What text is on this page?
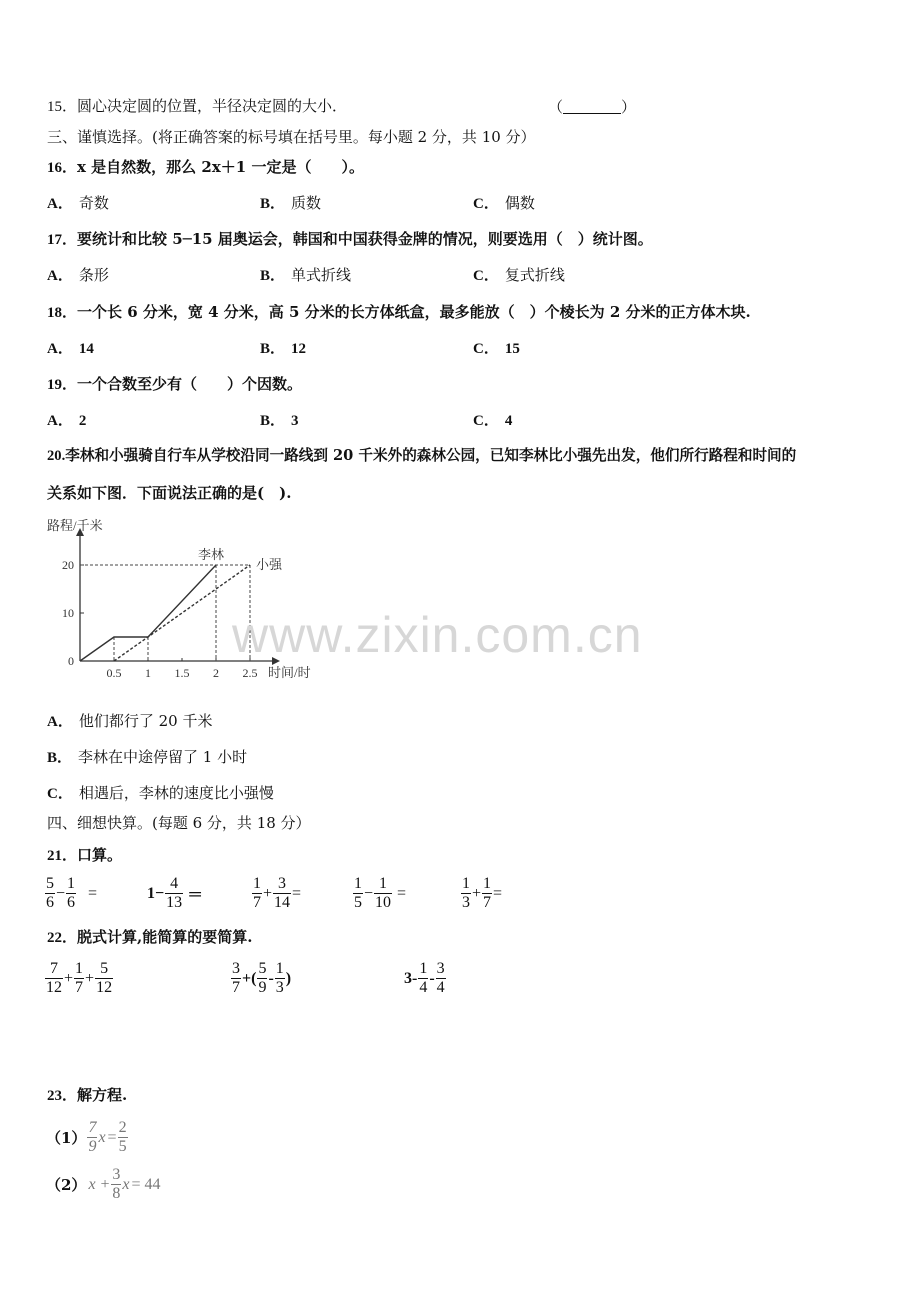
15．圆心决定圆的位置，半径决定圆的大小．	（	）
三、谨慎选择。(将正确答案的标号填在括号里。每小题 2 分，共 10 分）
16．x 是自然数，那么 2x＋1 一定是（　　）。
A． 奇数	B． 质数	C． 偶数
17．要统计和比较 5─15 届奥运会，韩国和中国获得金牌的情况，则要选用（　）统计图。
A． 条形	B． 单式折线	C． 复式折线
18．一个长 6 分米，宽 4 分米，高 5 分米的长方体纸盒，最多能放（　）个棱长为 2 分米的正方体木块.
A． 14	B． 12	C． 15
19．一个合数至少有（　　）个因数。
A． 2	B． 3	C． 4
20.李林和小强骑自行车从学校沿同一路线到 20 千米外的森林公园，已知李林比小强先出发，他们所行路程和时间的
关系如下图．下面说法正确的是(　).
路程/千米
时间/时
0.5 1 1.5 2 2.5
0
10
20
李林
小强
A． 他们都行了 20 千米
B． 李林在中途停留了 1 小时
C． 相遇后，李林的速度比小强慢
www.zixin.com.cn
四、细想快算。(每题 6 分，共 18 分）
21．口算。
$\frac{5}{6} - \frac{1}{6}$ =	$1- \frac{4}{13}$ ＝	$\frac{1}{7} + \frac{3}{14}$ =	$\frac{1}{5} - \frac{1}{10}$ =	$\frac{1}{3} + \frac{1}{7}$ =
22．脱式计算,能简算的要简算.
$\frac{7}{12} + \frac{1}{7} + \frac{5}{12}$	$\frac{3}{7}$ +( $\frac{5}{9} - \frac{1}{3}$ )	$3- \frac{1}{4} - \frac{3}{4}$
23．解方程.
$(1) \frac{7}{9}$ $x = \frac{2}{5}$
（2） $x + \frac{3}{8}$ x = 44
